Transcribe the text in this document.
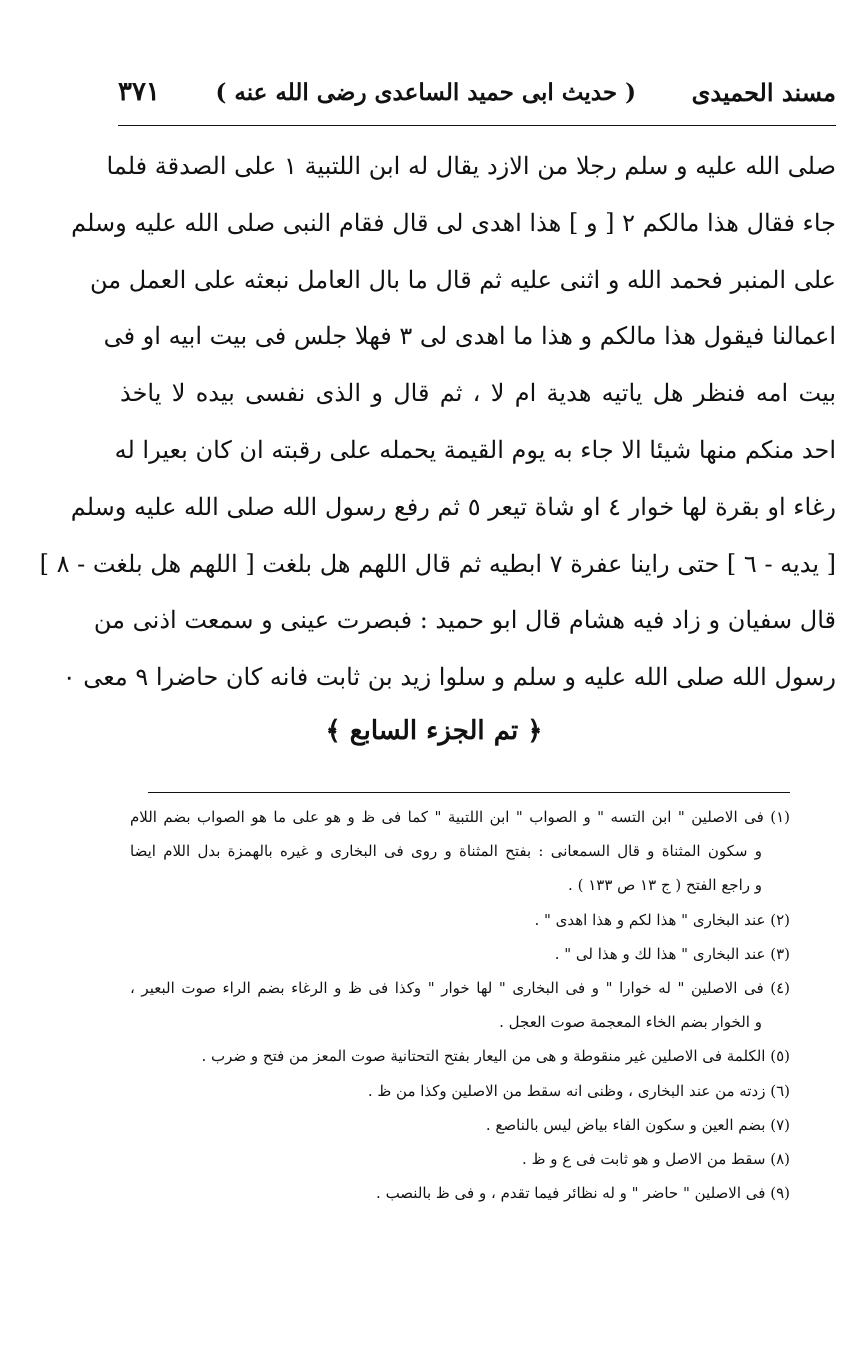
مسند الحميدى
( حديث ابى حميد الساعدى رضى الله عنه )
٣٧١
صلى الله عليه و سلم رجلا من الازد يقال له ابن اللتبية ١ على الصدقة فلما
جاء فقال هذا مالكم ٢ [ و ] هذا اهدى لى قال فقام النبى صلى الله عليه وسلم
على المنبر فحمد الله و اثنى عليه ثم قال ما بال العامل نبعثه على العمل من
اعمالنا فيقول هذا مالكم و هذا ما اهدى لى ٣ فهلا جلس فى بيت ابيه او فى
بيت امه فنظر هل ياتيه هدية ام لا ، ثم قال و الذى نفسى بيده لا ياخذ
احد منكم منها شيئا الا جاء به يوم القيمة يحمله على رقبته ان كان بعيرا له
رغاء او بقرة لها خوار ٤ او شاة تيعر ٥ ثم رفع رسول الله صلى الله عليه وسلم
[ يديه - ٦ ] حتى راينا عفرة ٧ ابطيه ثم قال اللهم هل بلغت [ اللهم هل بلغت - ٨ ]
قال سفيان و زاد فيه هشام قال ابو حميد : فبصرت عينى و سمعت اذنى من
رسول الله صلى الله عليه و سلم و سلوا زيد بن ثابت فانه كان حاضرا ٩ معى ٠
﴿ تم الجزء السابع ﴾
(١) فى الاصلين " ابن التسه " و الصواب " ابن اللتبية " كما فى ظ و هو على ما هو الصواب بضم اللام
و سكون المثناة و قال السمعانى : بفتح المثناة و روى فى البخارى و غيره بالهمزة بدل اللام ايضا
و راجع الفتح ( ج ١٣ ص ١٣٣ ) .
(٢) عند البخارى " هذا لكم و هذا اهدى " .
(٣) عند البخارى " هذا لك و هذا لى " .
(٤) فى الاصلين " له خوارا " و فى البخارى " لها خوار " وكذا فى ظ و الرغاء بضم الراء صوت البعير ،
و الخوار بضم الخاء المعجمة صوت العجل .
(٥) الكلمة فى الاصلين غير منقوطة و هى من اليعار بفتح التحتانية صوت المعز من فتح و ضرب .
(٦) زدته من عند البخارى ، وظنى انه سقط من الاصلين وكذا من ظ .
(٧) بضم العين و سكون الفاء بياض ليس بالناصع .
(٨) سقط من الاصل و هو ثابت فى ع و ظ .
(٩) فى الاصلين " حاضر " و له نظائر فيما تقدم ، و فى ظ بالنصب .
